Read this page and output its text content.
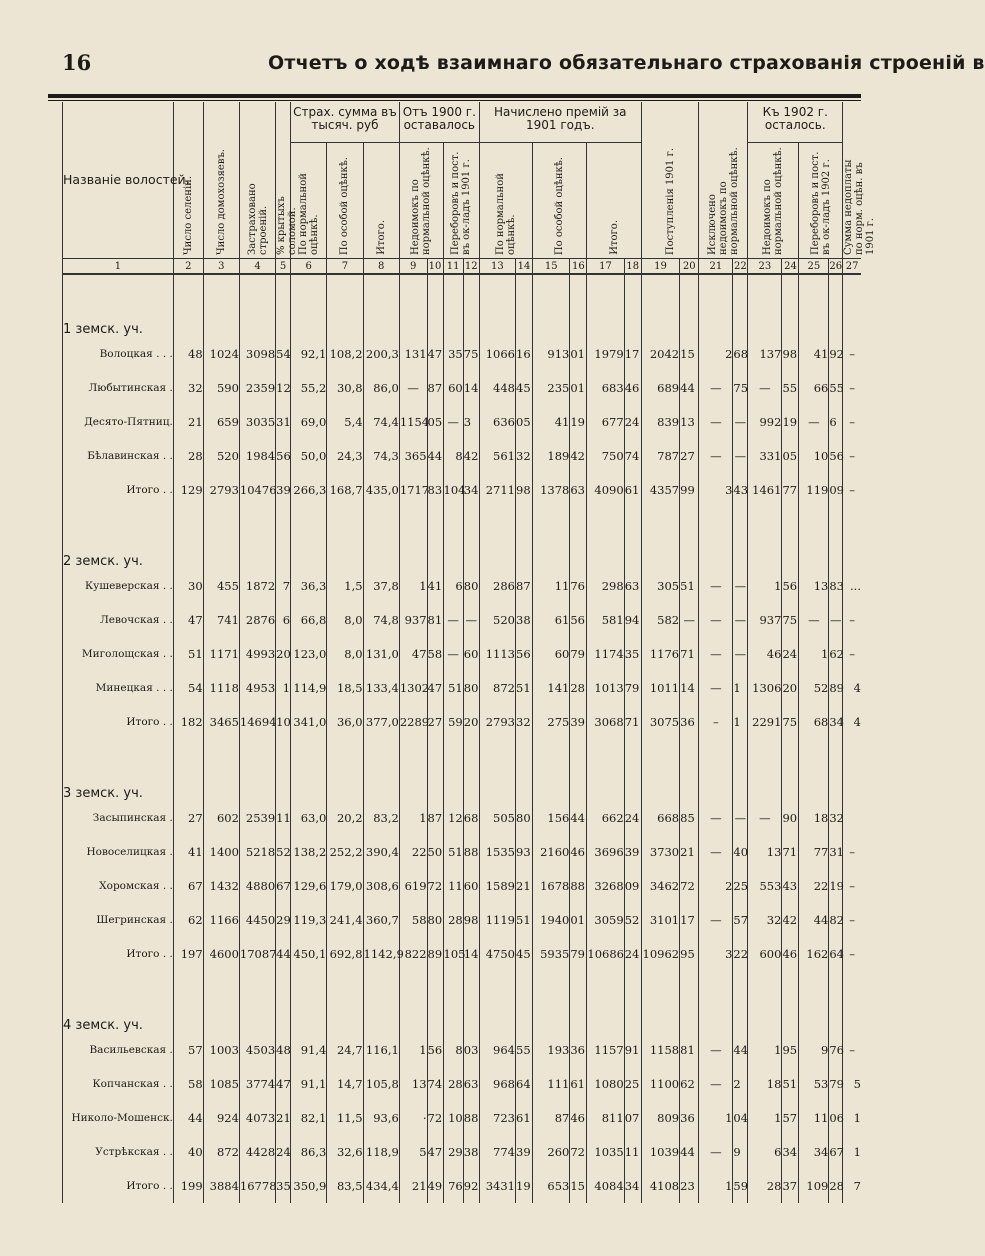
16	Отчетъ о ходѣ взаимнаго обязательнаго страхованія строеній в
Названіе волостей.	Число селеній.	Число домохозяевъ.	Застраховано строеній.	% крытыхъ соломой.	Страх. сумма въ тысяч. руб			Отъ 1900 г. оставалось				Начислено премій за 1901 годъ.						Поступленія 1901 г.		Исключено недоимокъ по нормальной оцѣнкѣ.		Къ 1902 г. осталось.				Сумма недоплаты по норм. оцѣн. въ 1901 г.
					По нормальной оцѣнкѣ.	По особой оцѣнкѣ.	Итого.	Недоимокъ по нормальной оцѣнкѣ.		Переборовъ и пост. въ ок-ладъ 1901 г.		По нормальной оцѣнкѣ.		По особой оцѣнкѣ.		Итого.						Недоимокъ по нормальной оцѣнкѣ.		Переборовъ и пост. въ ок-ладъ 1902 г.		
1	2	3	4	5	6	7	8	9	10	11	12	13	14	15	16	17	18	19	20	21	22	23	24	25	26	27
1 земск. уч.																										
Волоцкая . . .	48	1024	3098	54	92,1	108,2	200,3	131	47	35	75	1066	16	913	01	1979	17	2042	15	2	68	137	98	41	92	–
Любытинская .	32	590	2359	12	55,2	30,8	86,0	—	87	60	14	448	45	235	01	683	46	689	44	—	75	—	55	66	55	–
Десято-Пятниц.	21	659	3035	31	69,0	5,4	74,4	1154	05	—	3	636	05	41	19	677	24	839	13	—	—	992	19	—	6	–
Бѣлавинская . .	28	520	1984	56	50,0	24,3	74,3	365	44	8	42	561	32	189	42	750	74	787	27	—	—	331	05	10	56	–
Итого . .	129	2793	10476	39	266,3	168,7	435,0	1717	83	104	34	2711	98	1378	63	4090	61	4357	99	3	43	1461	77	119	09	–
2 земск. уч.																										
Кушеверская . .	30	455	1872	7	36,3	1,5	37,8	1	41	6	80	286	87	11	76	298	63	305	51	—	—	1	56	13	83	...
Левочская . .	47	741	2876	6	66,8	8,0	74,8	937	81	—	—	520	38	61	56	581	94	582	—	—	—	937	75	—	—	–
Миголощская . .	51	1171	4993	20	123,0	8,0	131,0	47	58	—	60	1113	56	60	79	1174	35	1176	71	—	—	46	24	1	62	–
Минецкая . . .	54	1118	4953	1	114,9	18,5	133,4	1302	47	51	80	872	51	141	28	1013	79	1011	14	—	1	1306	20	52	89	4
Итого . .	182	3465	14694	10	341,0	36,0	377,0	2289	27	59	20	2793	32	275	39	3068	71	3075	36	–	1	2291	75	68	34	4
3 земск. уч.																										
Засыпинская .	27	602	2539	11	63,0	20,2	83,2	1	87	12	68	505	80	156	44	662	24	668	85	—	—	—	90	18	32	
Новоселицкая .	41	1400	5218	52	138,2	252,2	390,4	22	50	51	88	1535	93	2160	46	3696	39	3730	21	—	40	13	71	77	31	–
Хоромская . .	67	1432	4880	67	129,6	179,0	308,6	619	72	11	60	1589	21	1678	88	3268	09	3462	72	2	25	553	43	22	19	–
Шегринская .	62	1166	4450	29	119,3	241,4	360,7	58	80	28	98	1119	51	1940	01	3059	52	3101	17	—	57	32	42	44	82	–
Итого . .	197	4600	17087	44	450,1	692,8	1142,9	822	89	105	14	4750	45	5935	79	10686	24	10962	95	3	22	600	46	162	64	–
4 земск. уч.																										
Васильевская .	57	1003	4503	48	91,4	24,7	116,1	1	56	8	03	964	55	193	36	1157	91	1158	81	—	44	1	95	9	76	–
Копчанская . .	58	1085	3774	47	91,1	14,7	105,8	13	74	28	63	968	64	111	61	1080	25	1100	62	—	2	18	51	53	79	5
Николо-Мошенск.	44	924	4073	21	82,1	11,5	93,6	·	72	10	88	723	61	87	46	811	07	809	36	1	04	1	57	11	06	1
Устрѣкская . .	40	872	4428	24	86,3	32,6	118,9	5	47	29	38	774	39	260	72	1035	11	1039	44	—	9	6	34	34	67	1
Итого . .	199	3884	16778	35	350,9	83,5	434,4	21	49	76	92	3431	19	653	15	4084	34	4108	23	1	59	28	37	109	28	7
